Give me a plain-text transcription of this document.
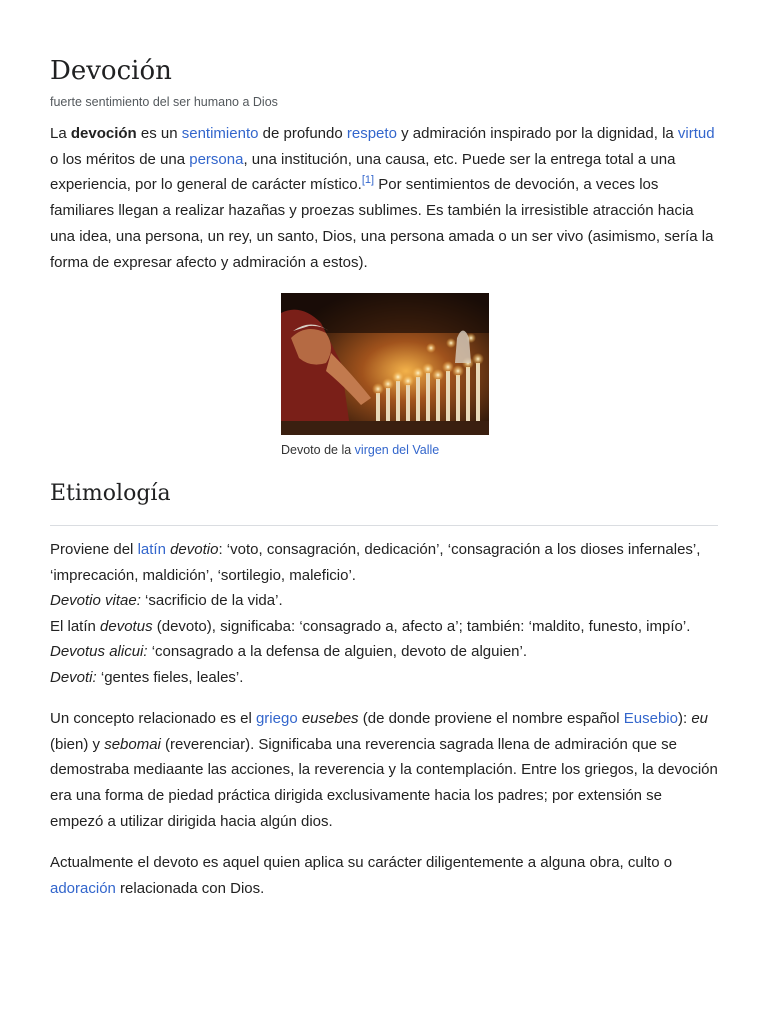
Devoción

fuerte sentimiento del ser humano a Dios

La devoción es un sentimiento de profundo respeto y admiración inspirado por la dignidad, la virtud o los méritos de una persona, una institución, una causa, etc. Puede ser la entrega total a una experiencia, por lo general de carácter místico.[1] Por sentimientos de devoción, a veces los familiares llegan a realizar hazañas y proezas sublimes. Es también la irresistible atracción hacia una idea, una persona, un rey, un santo, Dios, una persona amada o un ser vivo (asimismo, sería la forma de expresar afecto y admiración a estos).

Devoto de la virgen del Valle
Etimología
Proviene del latín devotio: ‘voto, consagración, dedicación’, ‘consagración a los dioses infernales’,
‘imprecación, maldición’, ‘sortilegio, maleficio’.
Devotio vitae: ‘sacrificio de la vida’.
El latín devotus (devoto), significaba: ‘consagrado a, afecto a’; también: ‘maldito, funesto, impío’.
Devotus alicui: ‘consagrado a la defensa de alguien, devoto de alguien’.
Devoti: ‘gentes fieles, leales’.

Un concepto relacionado es el griego eusebes (de donde proviene el nombre español Eusebio): eu (bien) y sebomai (reverenciar). Significaba una reverencia sagrada llena de admiración que se demostraba mediaante las acciones, la reverencia y la contemplación. Entre los griegos, la devoción era una forma de piedad práctica dirigida exclusivamente hacia los padres; por extensión se empezó a utilizar dirigida hacia algún dios.

Actualmente el devoto es aquel quien aplica su carácter diligentemente a alguna obra, culto o adoración relacionada con Dios.
